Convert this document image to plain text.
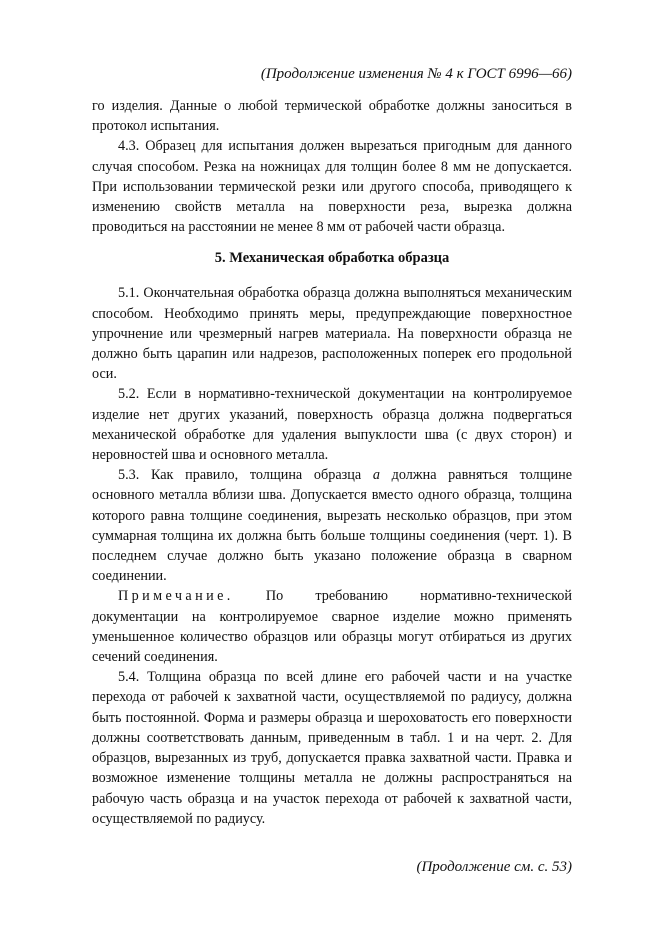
(Продолжение изменения № 4 к ГОСТ 6996—66)

го изделия. Данные о любой термической обработке должны заноситься в протокол испытания.

4.3. Образец для испытания должен вырезаться пригодным для данного случая способом. Резка на ножницах для толщин более 8 мм не допускается. При использовании термической резки или другого способа, приводящего к изменению свойств металла на поверхности реза, вырезка должна проводиться на расстоянии не менее 8 мм от рабочей части образца.

5. Механическая обработка образца

5.1. Окончательная обработка образца должна выполняться механическим способом. Необходимо принять меры, предупреждающие поверхностное упрочнение или чрезмерный нагрев материала. На поверхности образца не должно быть царапин или надрезов, расположенных поперек его продольной оси.

5.2. Если в нормативно-технической документации на контролируемое изделие нет других указаний, поверхность образца должна подвергаться механической обработке для удаления выпуклости шва (с двух сторон) и неровностей шва и основного металла.

5.3. Как правило, толщина образца a должна равняться толщине основного металла вблизи шва. Допускается вместо одного образца, толщина которого равна толщине соединения, вырезать несколько образцов, при этом суммарная толщина их должна быть больше толщины соединения (черт. 1). В последнем случае должно быть указано положение образца в сварном соединении.

Примечание. По требованию нормативно-технической документации на контролируемое сварное изделие можно применять уменьшенное количество образцов или образцы могут отбираться из других сечений соединения.

5.4. Толщина образца по всей длине его рабочей части и на участке перехода от рабочей к захватной части, осуществляемой по радиусу, должна быть постоянной. Форма и размеры образца и шероховатость его поверхности должны соответствовать данным, приведенным в табл. 1 и на черт. 2. Для образцов, вырезанных из труб, допускается правка захватной части. Правка и возможное изменение толщины металла не должны распространяться на рабочую часть образца и на участок перехода от рабочей к захватной части, осуществляемой по радиусу.

(Продолжение см. с. 53)
